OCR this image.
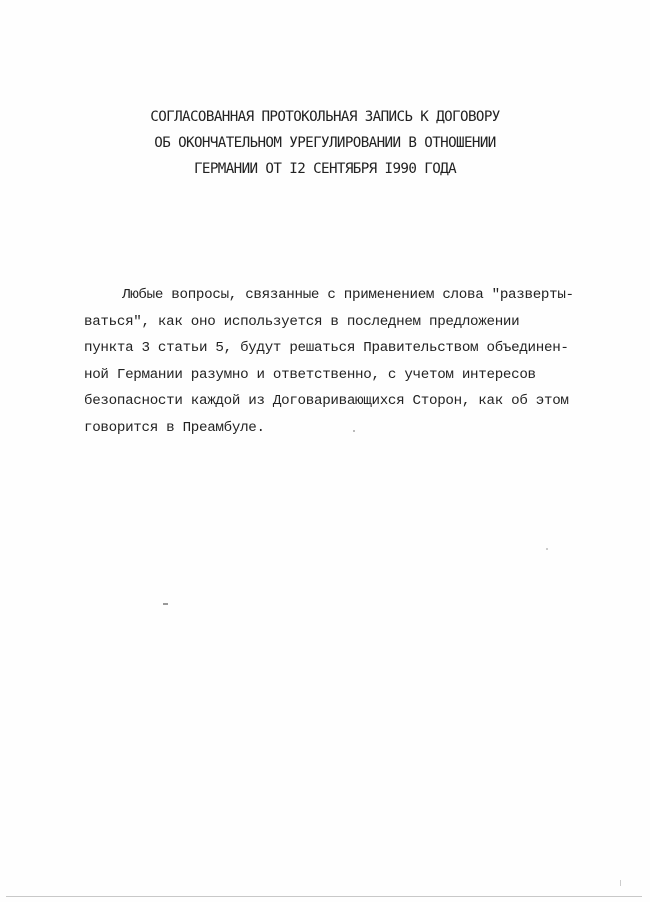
СОГЛАСОВАННАЯ ПРОТОКОЛЬНАЯ ЗАПИСЬ К ДОГОВОРУ
ОБ ОКОНЧАТЕЛЬНОМ УРЕГУЛИРОВАНИИ В ОТНОШЕНИИ
ГЕРМАНИИ ОТ I2 СЕНТЯБРЯ I990 ГОДА
Любые вопросы, связанные с применением слова "разверты-
ваться", как оно используется в последнем предложении
пункта 3 статьи 5, будут решаться Правительством объединен-
ной Германии разумно и ответственно, с учетом интересов
безопасности каждой из Договаривающихся Сторон, как об этом
говорится в Преамбуле.
